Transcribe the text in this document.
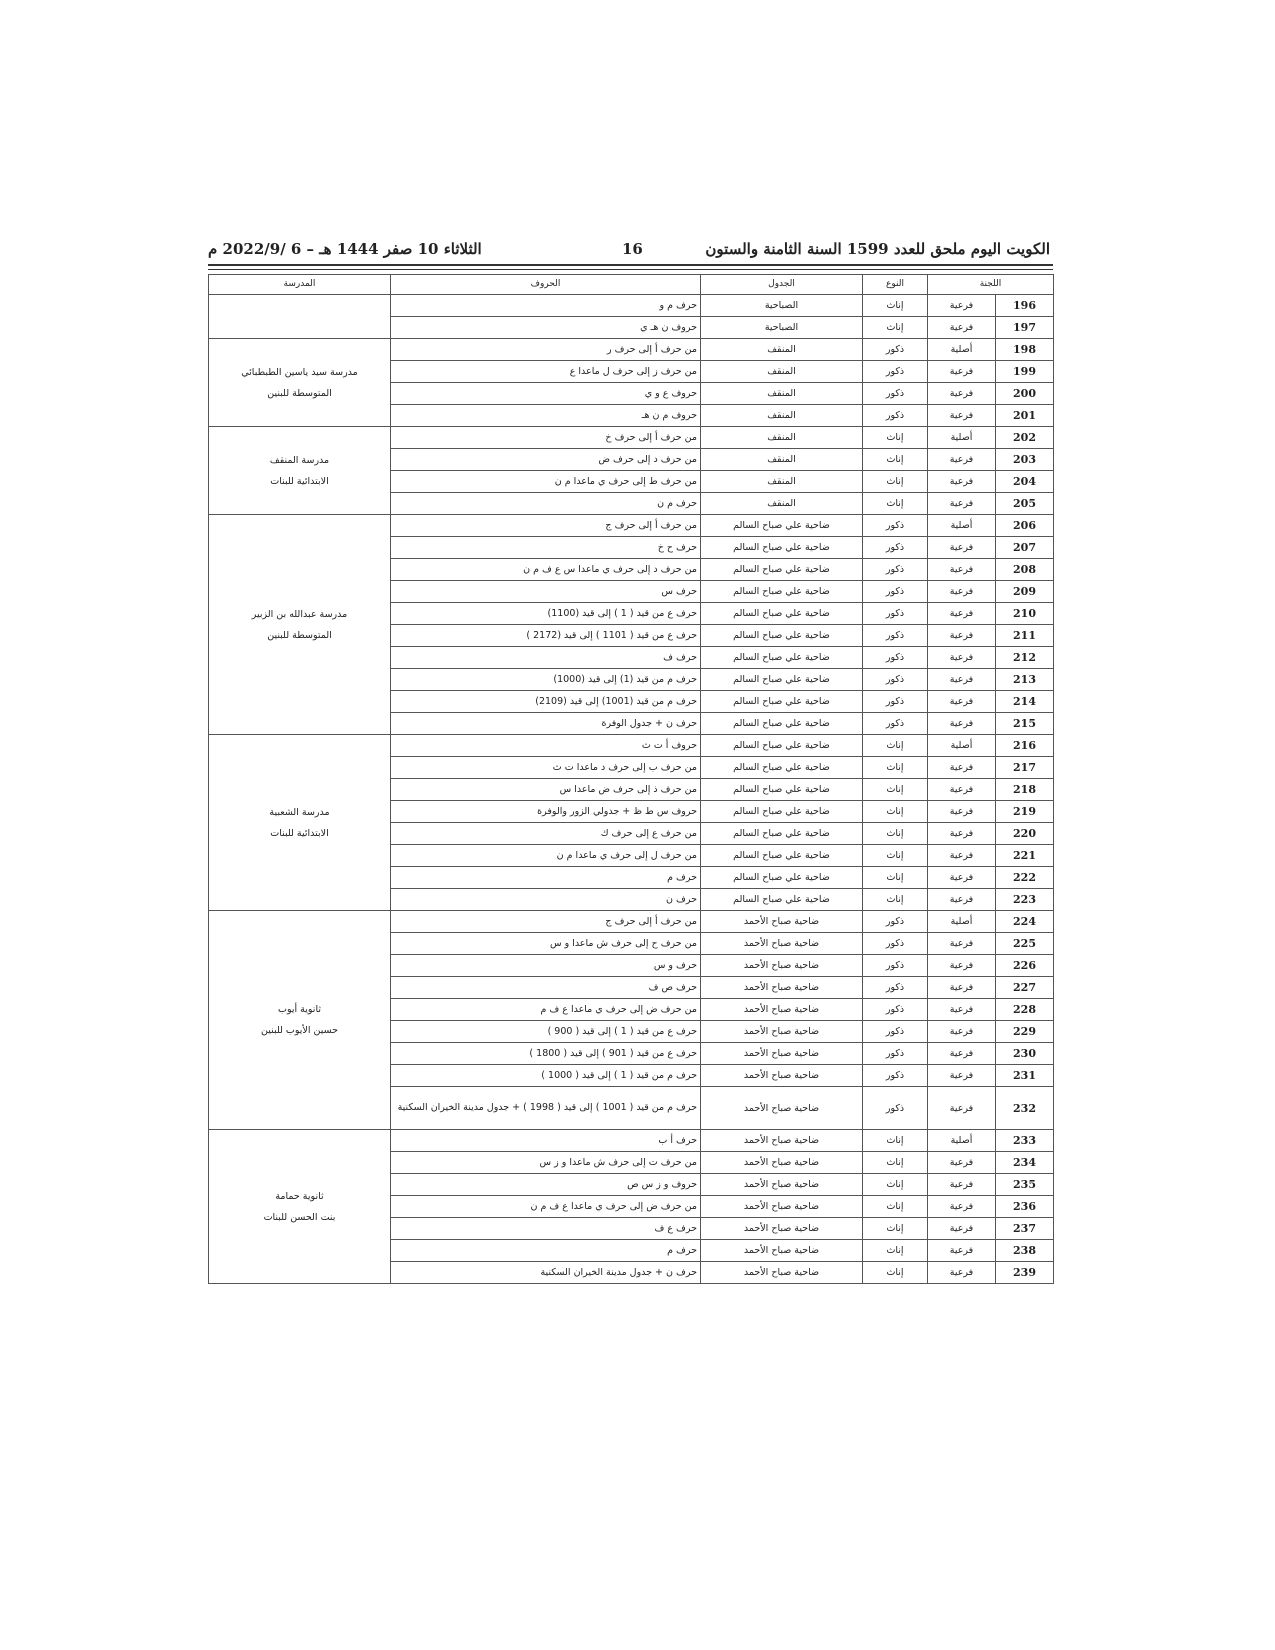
الكويت اليوم ملحق للعدد 1599 السنة الثامنة والستون
16
الثلاثاء 10 صفر 1444 هـ – 6 /2022/9 م
اللجنة		النوع	الجدول	الحروف	المدرسة
196	فرعية	إناث	الصباحية	حرف م و	

197	فرعية	إناث	الصباحية	حروف ن هـ ي	
198	أصلية	ذكور	المنقف	من حرف أ إلى حرف ر	مدرسة سيد ياسين الطبطبائي
المتوسطة للبنين

199	فرعية	ذكور	المنقف	من حرف ز إلى حرف ل ماعدا ع	
200	فرعية	ذكور	المنقف	حروف ع و ي	
201	فرعية	ذكور	المنقف	حروف م ن هـ	
202	أصلية	إناث	المنقف	من حرف أ إلى حرف خ	مدرسة المنقف
الابتدائية للبنات

203	فرعية	إناث	المنقف	من حرف د إلى حرف ض	
204	فرعية	إناث	المنقف	من حرف ط إلى حرف ي ماعدا م ن	
205	فرعية	إناث	المنقف	حرف م ن	
206	أصلية	ذكور	ضاحية علي صباح السالم	من حرف أ إلى حرف ج	مدرسة عبدالله بن الزبير
المتوسطة للبنين

207	فرعية	ذكور	ضاحية علي صباح السالم	حرف ح خ	
208	فرعية	ذكور	ضاحية علي صباح السالم	من حرف د إلى حرف ي ماعدا س ع ف م ن	
209	فرعية	ذكور	ضاحية علي صباح السالم	حرف س	
210	فرعية	ذكور	ضاحية علي صباح السالم	حرف ع من قيد ( 1 ) إلى قيد (1100)	
211	فرعية	ذكور	ضاحية علي صباح السالم	حرف ع من قيد ( 1101 ) إلى قيد (2172 )	
212	فرعية	ذكور	ضاحية علي صباح السالم	حرف ف	
213	فرعية	ذكور	ضاحية علي صباح السالم	حرف م من قيد (1) إلى قيد (1000)	
214	فرعية	ذكور	ضاحية علي صباح السالم	حرف م من قيد (1001) إلى قيد (2109)	
215	فرعية	ذكور	ضاحية علي صباح السالم	حرف ن + جدول الوفرة	
216	أصلية	إناث	ضاحية علي صباح السالم	حروف أ ت ث	مدرسة الشعبية
الابتدائية للبنات

217	فرعية	إناث	ضاحية علي صباح السالم	من حرف ب إلى حرف د ماعدا ت ث	
218	فرعية	إناث	ضاحية علي صباح السالم	من حرف ذ إلى حرف ض ماعدا س	
219	فرعية	إناث	ضاحية علي صباح السالم	حروف س ط ظ + جدولي الزور والوفرة	
220	فرعية	إناث	ضاحية علي صباح السالم	من حرف ع إلى حرف ك	
221	فرعية	إناث	ضاحية علي صباح السالم	من حرف ل إلى حرف ي ماعدا م ن	
222	فرعية	إناث	ضاحية علي صباح السالم	حرف م	
223	فرعية	إناث	ضاحية علي صباح السالم	حرف ن	
224	أصلية	ذكور	ضاحية صباح الأحمد	من حرف أ إلى حرف ج	ثانوية أيوب
حسين الأيوب للبنين

225	فرعية	ذكور	ضاحية صباح الأحمد	من حرف ح إلى حرف ش ماعدا و س	
226	فرعية	ذكور	ضاحية صباح الأحمد	حرف و س	
227	فرعية	ذكور	ضاحية صباح الأحمد	حرف ص ف	
228	فرعية	ذكور	ضاحية صباح الأحمد	من حرف ض إلى حرف ي ماعدا ع ف م	
229	فرعية	ذكور	ضاحية صباح الأحمد	حرف ع من قيد ( 1 ) إلى قيد ( 900 )	
230	فرعية	ذكور	ضاحية صباح الأحمد	حرف ع من قيد ( 901 ) إلى قيد ( 1800 )	
231	فرعية	ذكور	ضاحية صباح الأحمد	حرف م من قيد ( 1 ) إلى قيد ( 1000 )	
232	فرعية	ذكور	ضاحية صباح الأحمد	حرف م من قيد ( 1001 ) إلى قيد ( 1998 ) + جدول مدينة الخيران السكنية	
233	أصلية	إناث	ضاحية صباح الأحمد	حرف أ ب	ثانوية حمامة
بنت الحسن للبنات

234	فرعية	إناث	ضاحية صباح الأحمد	من حرف ت إلى حرف ش ماعدا و ز س	
235	فرعية	إناث	ضاحية صباح الأحمد	حروف و ز س ص	
236	فرعية	إناث	ضاحية صباح الأحمد	من حرف ض إلى حرف ي ماعدا ع ف م ن	
237	فرعية	إناث	ضاحية صباح الأحمد	حرف ع ف	
238	فرعية	إناث	ضاحية صباح الأحمد	حرف م	
239	فرعية	إناث	ضاحية صباح الأحمد	حرف ن + جدول مدينة الخيران السكنية	
